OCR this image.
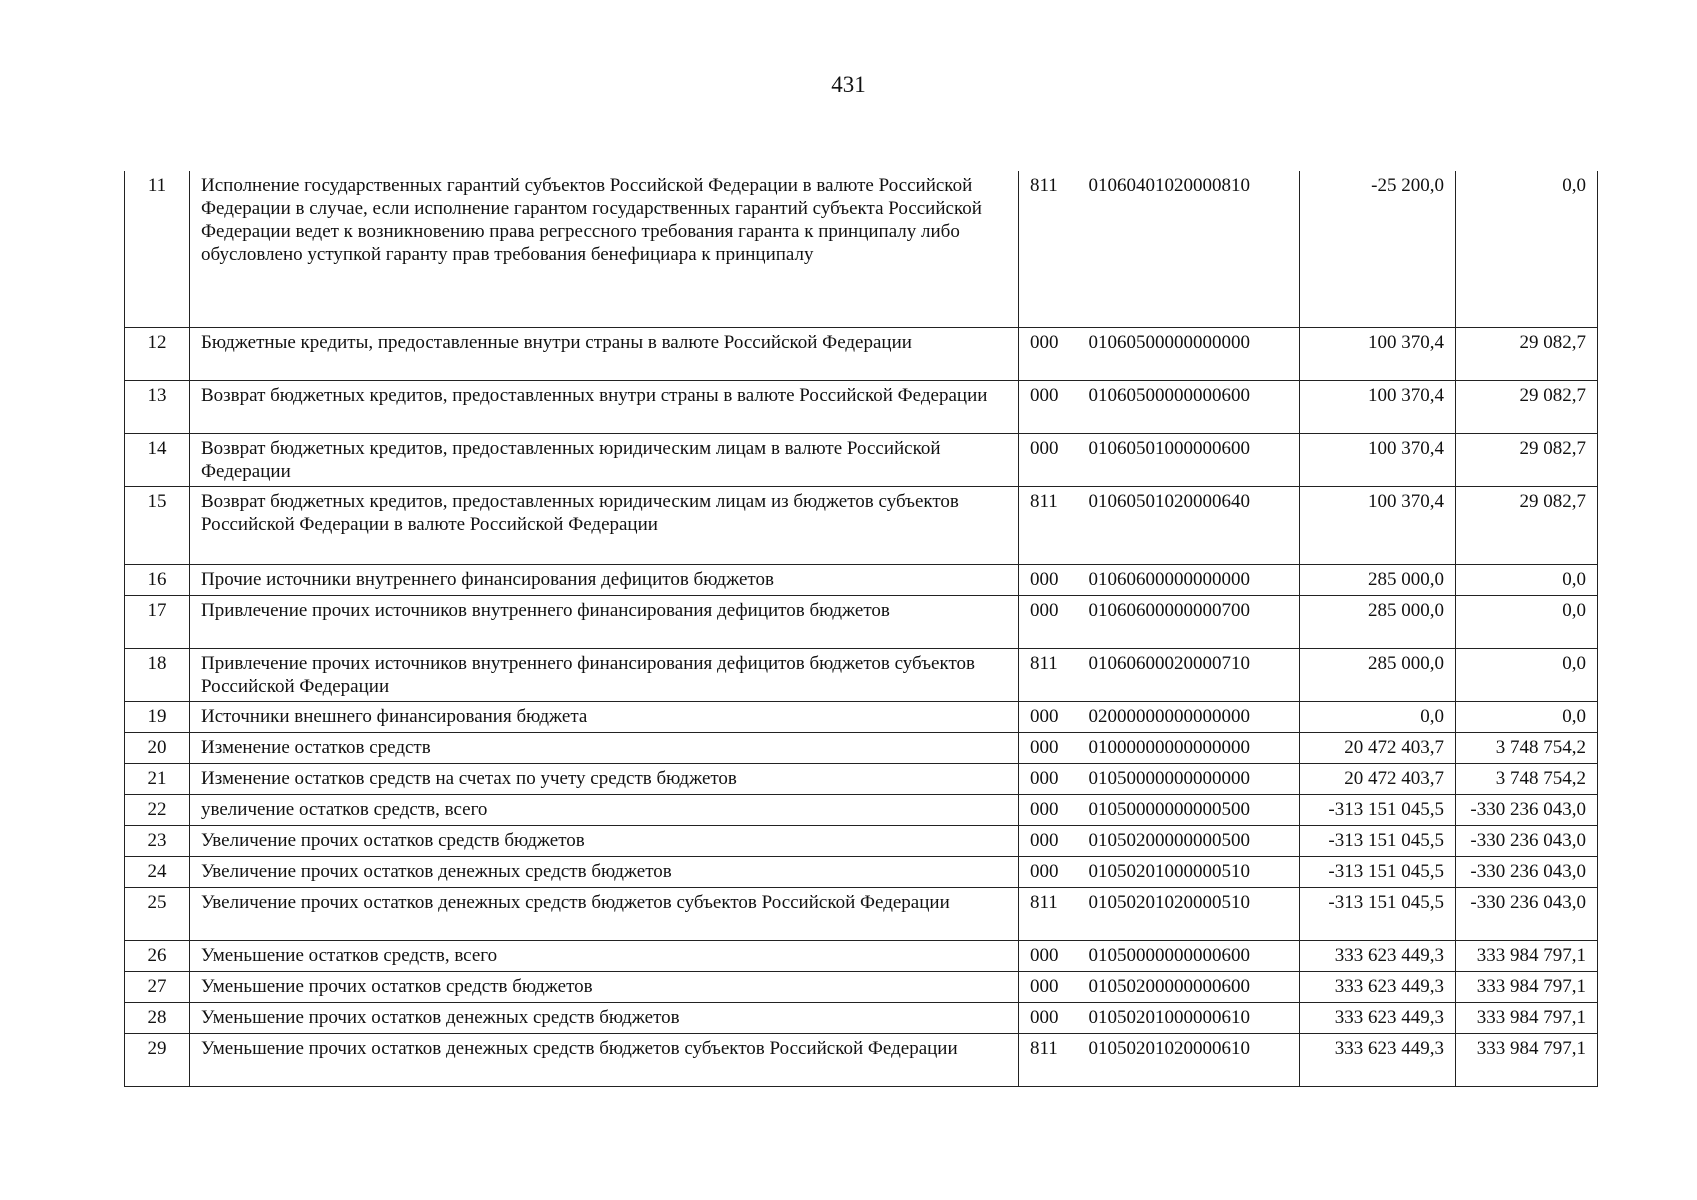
431
11	Исполнение государственных гарантий субъектов Российской Федерации в валюте Российской Федерации в случае, если исполнение гарантом государственных гарантий субъекта Российской Федерации ведет к возникновению права регрессного требования гаранта к принципалу либо обусловлено уступкой гаранту прав требования бенефициара к принципалу	811	01060401020000810	-25 200,0	0,0
12	Бюджетные кредиты, предоставленные внутри страны в валюте Российской Федерации	000	01060500000000000	100 370,4	29 082,7
13	Возврат бюджетных кредитов, предоставленных внутри страны в валюте Российской Федерации	000	01060500000000600	100 370,4	29 082,7
14	Возврат бюджетных кредитов, предоставленных юридическим лицам в валюте Российской Федерации	000	01060501000000600	100 370,4	29 082,7
15	Возврат бюджетных кредитов, предоставленных юридическим лицам из бюджетов субъектов Российской Федерации в валюте Российской Федерации	811	01060501020000640	100 370,4	29 082,7
16	Прочие источники внутреннего финансирования дефицитов бюджетов	000	01060600000000000	285 000,0	0,0
17	Привлечение прочих источников внутреннего финансирования дефицитов бюджетов	000	01060600000000700	285 000,0	0,0
18	Привлечение прочих источников внутреннего финансирования дефицитов бюджетов субъектов Российской Федерации	811	01060600020000710	285 000,0	0,0
19	Источники внешнего финансирования бюджета	000	02000000000000000	0,0	0,0
20	Изменение остатков средств	000	01000000000000000	20 472 403,7	3 748 754,2
21	Изменение остатков средств на счетах по учету средств бюджетов	000	01050000000000000	20 472 403,7	3 748 754,2
22	увеличение остатков средств, всего	000	01050000000000500	-313 151 045,5	-330 236 043,0
23	Увеличение прочих остатков средств бюджетов	000	01050200000000500	-313 151 045,5	-330 236 043,0
24	Увеличение прочих остатков денежных средств бюджетов	000	01050201000000510	-313 151 045,5	-330 236 043,0
25	Увеличение прочих остатков денежных средств бюджетов субъектов Российской Федерации	811	01050201020000510	-313 151 045,5	-330 236 043,0
26	Уменьшение остатков средств, всего	000	01050000000000600	333 623 449,3	333 984 797,1
27	Уменьшение прочих остатков средств бюджетов	000	01050200000000600	333 623 449,3	333 984 797,1
28	Уменьшение прочих остатков денежных средств бюджетов	000	01050201000000610	333 623 449,3	333 984 797,1
29	Уменьшение прочих остатков денежных средств бюджетов субъектов Российской Федерации	811	01050201020000610	333 623 449,3	333 984 797,1
